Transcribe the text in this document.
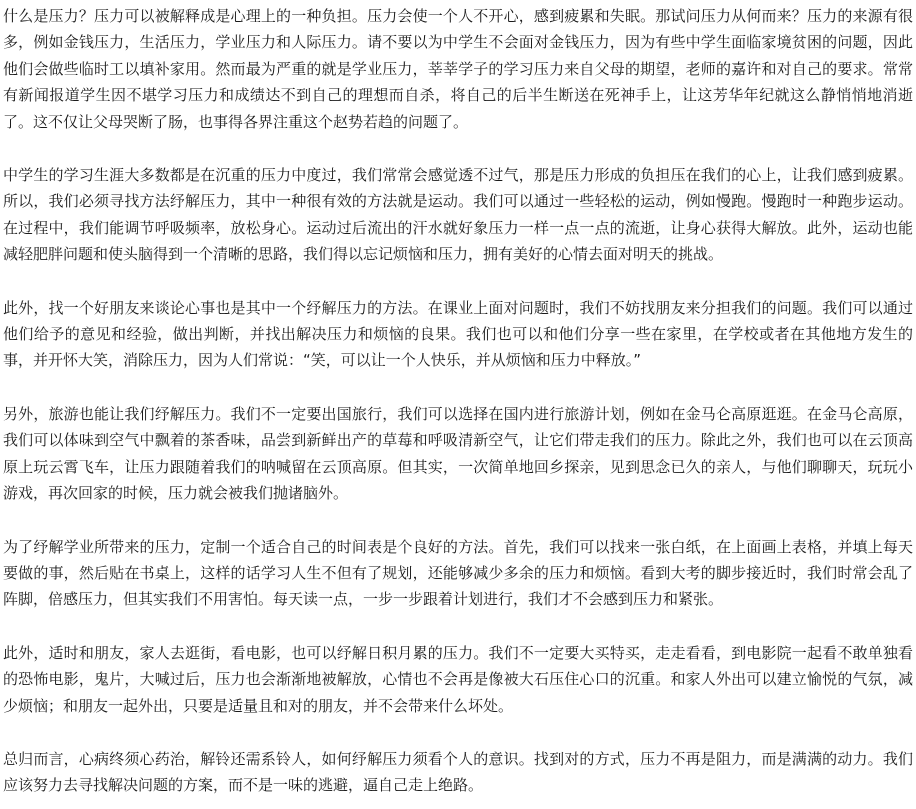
什么是压力？压力可以被解释成是心理上的一种负担。压力会使一个人不开心，感到疲累和失眠。那试问压力从何而来？压力的来源有很多，例如金钱压力，生活压力，学业压力和人际压力。请不要以为中学生不会面对金钱压力，因为有些中学生面临家境贫困的问题，因此他们会做些临时工以填补家用。然而最为严重的就是学业压力，莘莘学子的学习压力来自父母的期望，老师的嘉许和对自己的要求。常常有新闻报道学生因不堪学习压力和成绩达不到自己的理想而自杀，将自己的后半生断送在死神手上，让这芳华年纪就这么静悄悄地消逝了。这不仅让父母哭断了肠，也事得各界注重这个赵势若趋的问题了。

中学生的学习生涯大多数都是在沉重的压力中度过，我们常常会感觉透不过气，那是压力形成的负担压在我们的心上，让我们感到疲累。所以，我们必须寻找方法纾解压力，其中一种很有效的方法就是运动。我们可以通过一些轻松的运动，例如慢跑。慢跑时一种跑步运动。在过程中，我们能调节呼吸频率，放松身心。运动过后流出的汗水就好象压力一样一点一点的流逝，让身心获得大解放。此外，运动也能减轻肥胖问题和使头脑得到一个清晰的思路，我们得以忘记烦恼和压力，拥有美好的心情去面对明天的挑战。

此外，找一个好朋友来谈论心事也是其中一个纾解压力的方法。在课业上面对问题时，我们不妨找朋友来分担我们的问题。我们可以通过他们给予的意见和经验，做出判断，并找出解决压力和烦恼的良果。我们也可以和他们分享一些在家里，在学校或者在其他地方发生的事，并开怀大笑，消除压力，因为人们常说：“笑，可以让一个人快乐，并从烦恼和压力中释放。”

另外，旅游也能让我们纾解压力。我们不一定要出国旅行，我们可以选择在国内进行旅游计划，例如在金马仑高原逛逛。在金马仑高原，我们可以体味到空气中飘着的茶香味，品尝到新鲜出产的草莓和呼吸清新空气，让它们带走我们的压力。除此之外，我们也可以在云顶高原上玩云霄飞车，让压力跟随着我们的呐喊留在云顶高原。但其实，一次简单地回乡探亲，见到思念已久的亲人，与他们聊聊天，玩玩小游戏，再次回家的时候，压力就会被我们抛诸脑外。

为了纾解学业所带来的压力，定制一个适合自己的时间表是个良好的方法。首先，我们可以找来一张白纸，在上面画上表格，并填上每天要做的事，然后贴在书桌上，这样的话学习人生不但有了规划，还能够减少多余的压力和烦恼。看到大考的脚步接近时，我们时常会乱了阵脚，倍感压力，但其实我们不用害怕。每天读一点，一步一步跟着计划进行，我们才不会感到压力和紧张。

此外，适时和朋友，家人去逛街，看电影，也可以纾解日积月累的压力。我们不一定要大买特买，走走看看，到电影院一起看不敢单独看的恐怖电影，鬼片，大喊过后，压力也会渐渐地被解放，心情也不会再是像被大石压住心口的沉重。和家人外出可以建立愉悦的气氛，减少烦恼；和朋友一起外出，只要是适量且和对的朋友，并不会带来什么坏处。

总归而言，心病终须心药治，解铃还需系铃人，如何纾解压力须看个人的意识。找到对的方式，压力不再是阻力，而是满满的动力。我们应该努力去寻找解决问题的方案，而不是一味的逃避，逼自己走上绝路。
